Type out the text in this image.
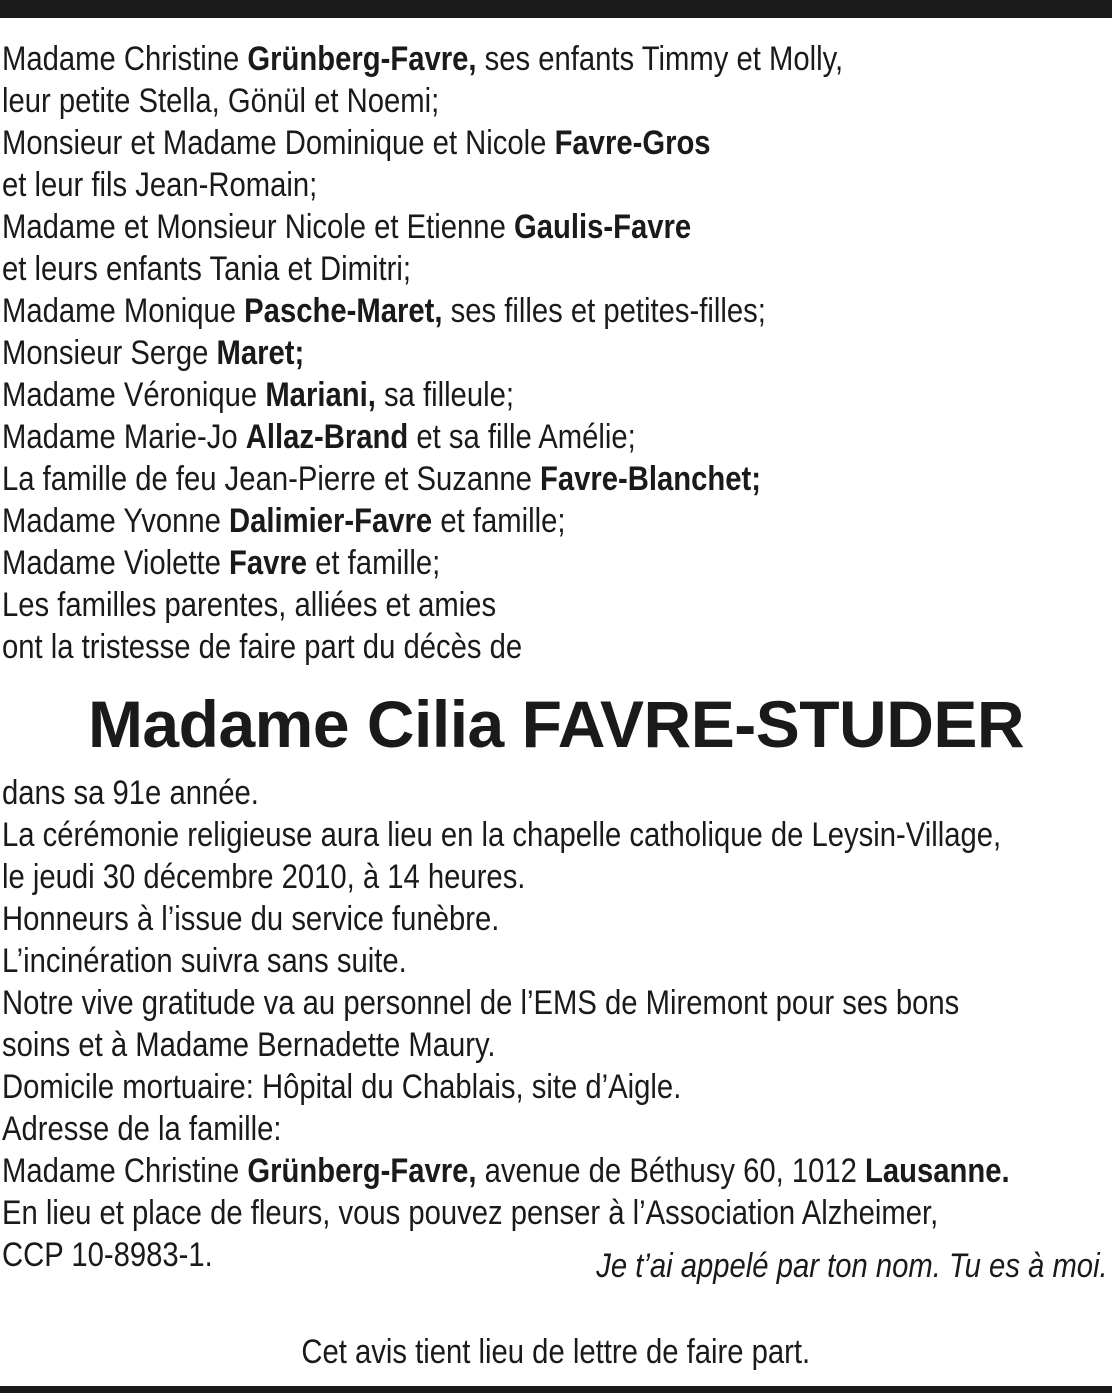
Madame Christine Grünberg-Favre, ses enfants Timmy et Molly,
leur petite Stella, Gönül et Noemi;
Monsieur et Madame Dominique et Nicole Favre-Gros
et leur fils Jean-Romain;
Madame et Monsieur Nicole et Etienne Gaulis-Favre
et leurs enfants Tania et Dimitri;
Madame Monique Pasche-Maret, ses filles et petites-filles;
Monsieur Serge Maret;
Madame Véronique Mariani, sa filleule;
Madame Marie-Jo Allaz-Brand et sa fille Amélie;
La famille de feu Jean-Pierre et Suzanne Favre-Blanchet;
Madame Yvonne Dalimier-Favre et famille;
Madame Violette Favre et famille;
Les familles parentes, alliées et amies
ont la tristesse de faire part du décès de
Madame Cilia FAVRE-STUDER
dans sa 91e année.
La cérémonie religieuse aura lieu en la chapelle catholique de Leysin-Village,
le jeudi 30 décembre 2010, à 14 heures.
Honneurs à l’issue du service funèbre.
L’incinération suivra sans suite.
Notre vive gratitude va au personnel de l’EMS de Miremont pour ses bons
soins et à Madame Bernadette Maury.
Domicile mortuaire: Hôpital du Chablais, site d’Aigle.
Adresse de la famille:
Madame Christine Grünberg-Favre, avenue de Béthusy 60, 1012 Lausanne.
En lieu et place de fleurs, vous pouvez penser à l’Association Alzheimer,
CCP 10-8983-1.	Je t’ai appelé par ton nom. Tu es à moi.
Cet avis tient lieu de lettre de faire part.
